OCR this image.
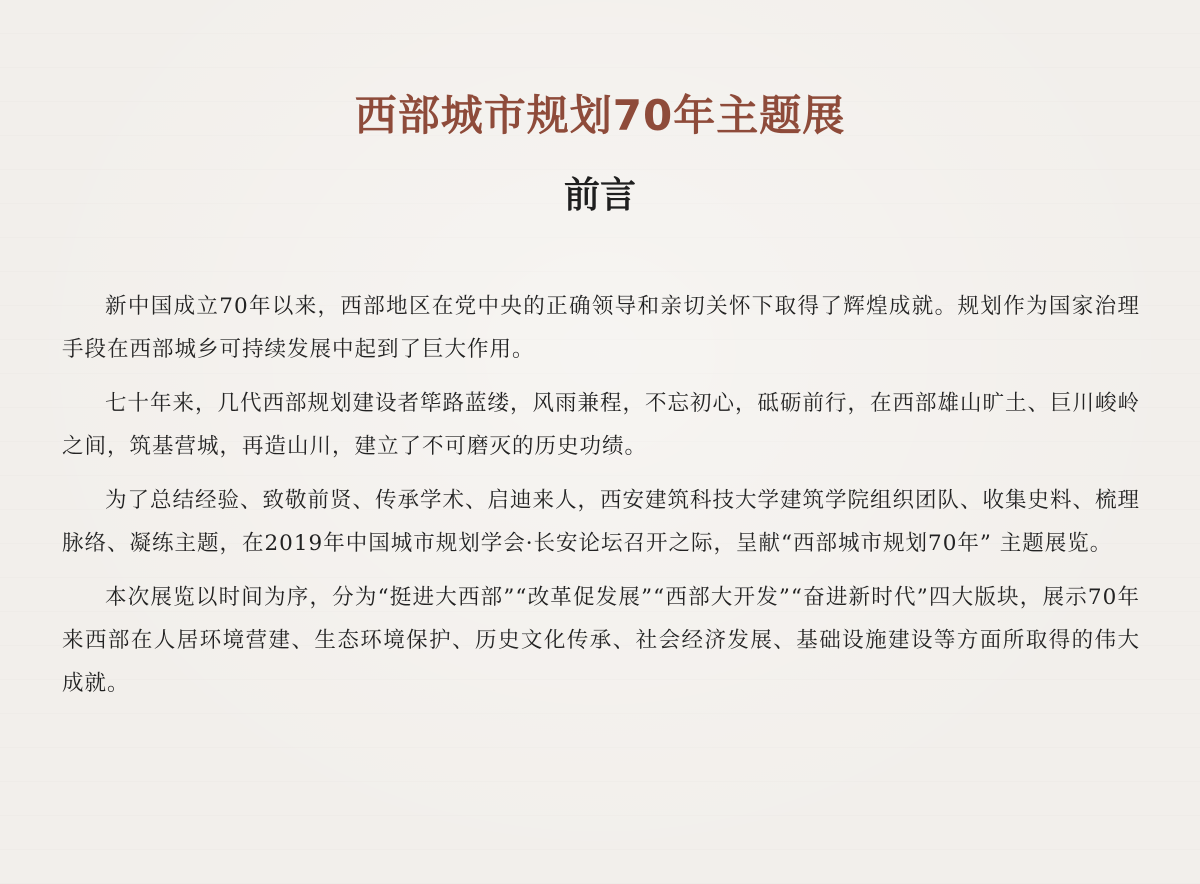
西部城市规划70年主题展
前言

新中国成立70年以来，西部地区在党中央的正确领导和亲切关怀下取得了辉煌成就。规划作为国家治理手段在西部城乡可持续发展中起到了巨大作用。

七十年来，几代西部规划建设者筚路蓝缕，风雨兼程，不忘初心，砥砺前行，在西部雄山旷土、巨川峻岭之间，筑基营城，再造山川，建立了不可磨灭的历史功绩。

为了总结经验、致敬前贤、传承学术、启迪来人，西安建筑科技大学建筑学院组织团队、收集史料、梳理脉络、凝练主题，在2019年中国城市规划学会·长安论坛召开之际，呈献“西部城市规划70年” 主题展览。

本次展览以时间为序，分为“挺进大西部”“改革促发展”“西部大开发”“奋进新时代”四大版块，展示70年来西部在人居环境营建、生态环境保护、历史文化传承、社会经济发展、基础设施建设等方面所取得的伟大成就。
